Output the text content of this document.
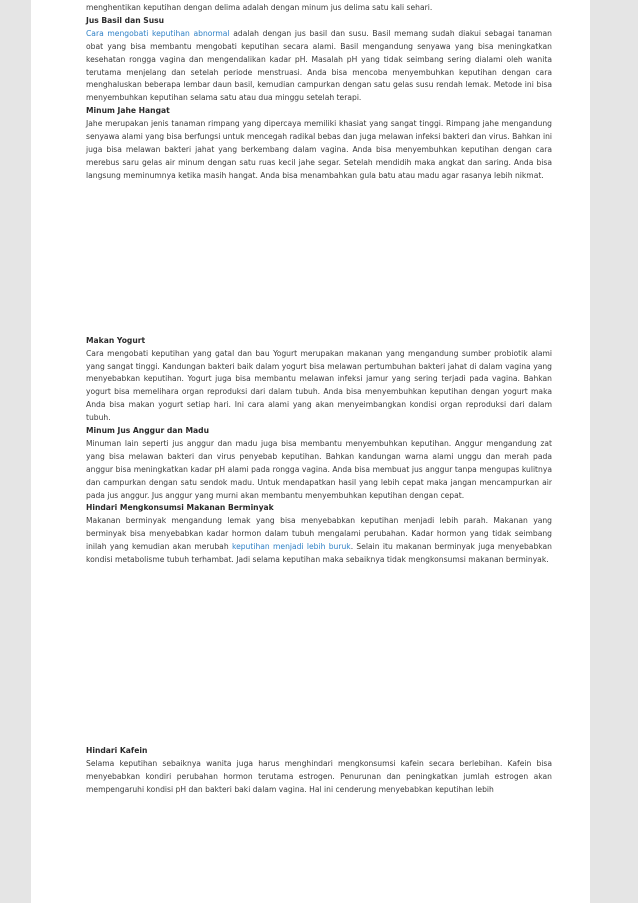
menghentikan keputihan dengan delima adalah dengan minum jus delima satu kali sehari.

Jus Basil dan Susu

Cara mengobati keputihan abnormal adalah dengan jus basil dan susu. Basil memang sudah diakui sebagai tanaman obat yang bisa membantu mengobati keputihan secara alami. Basil mengandung senyawa yang bisa meningkatkan kesehatan rongga vagina dan mengendalikan kadar pH. Masalah pH yang tidak seimbang sering dialami oleh wanita terutama menjelang dan setelah periode menstruasi. Anda bisa mencoba menyembuhkan keputihan dengan cara menghaluskan beberapa lembar daun basil, kemudian campurkan dengan satu gelas susu rendah lemak. Metode ini bisa menyembuhkan keputihan selama satu atau dua minggu setelah terapi.

Minum Jahe Hangat

Jahe merupakan jenis tanaman rimpang yang dipercaya memiliki khasiat yang sangat tinggi. Rimpang jahe mengandung senyawa alami yang bisa berfungsi untuk mencegah radikal bebas dan juga melawan infeksi bakteri dan virus. Bahkan ini juga bisa melawan bakteri jahat yang berkembang dalam vagina. Anda bisa menyembuhkan keputihan dengan cara merebus saru gelas air minum dengan satu ruas kecil jahe segar. Setelah mendidih maka angkat dan saring. Anda bisa langsung meminumnya ketika masih hangat. Anda bisa menambahkan gula batu atau madu agar rasanya lebih nikmat.

Makan Yogurt

Cara mengobati keputihan yang gatal dan bau Yogurt merupakan makanan yang mengandung sumber probiotik alami yang sangat tinggi. Kandungan bakteri baik dalam yogurt bisa melawan pertumbuhan bakteri jahat di dalam vagina yang menyebabkan keputihan. Yogurt juga bisa membantu melawan infeksi jamur yang sering terjadi pada vagina. Bahkan yogurt bisa memelihara organ reproduksi dari dalam tubuh. Anda bisa menyembuhkan keputihan dengan yogurt maka Anda bisa makan yogurt setiap hari. Ini cara alami yang akan menyeimbangkan kondisi organ reproduksi dari dalam tubuh.

Minum Jus Anggur dan Madu

Minuman lain seperti jus anggur dan madu juga bisa membantu menyembuhkan keputihan. Anggur mengandung zat yang bisa melawan bakteri dan virus penyebab keputihan. Bahkan kandungan warna alami unggu dan merah pada anggur bisa meningkatkan kadar pH alami pada rongga vagina. Anda bisa membuat jus anggur tanpa mengupas kulitnya dan campurkan dengan satu sendok madu. Untuk mendapatkan hasil yang lebih cepat maka jangan mencampurkan air pada jus anggur. Jus anggur yang murni akan membantu menyembuhkan keputihan dengan cepat.

Hindari Mengkonsumsi Makanan Berminyak

Makanan berminyak mengandung lemak yang bisa menyebabkan keputihan menjadi lebih parah. Makanan yang berminyak bisa menyebabkan kadar hormon dalam tubuh mengalami perubahan. Kadar hormon yang tidak seimbang inilah yang kemudian akan merubah keputihan menjadi lebih buruk. Selain itu makanan berminyak juga menyebabkan kondisi metabolisme tubuh terhambat. Jadi selama keputihan maka sebaiknya tidak mengkonsumsi makanan berminyak.

Hindari Kafein

Selama keputihan sebaiknya wanita juga harus menghindari mengkonsumsi kafein secara berlebihan. Kafein bisa menyebabkan kondiri perubahan hormon terutama estrogen. Penurunan dan peningkatkan jumlah estrogen akan mempengaruhi kondisi pH dan bakteri baki dalam vagina. Hal ini cenderung menyebabkan keputihan lebih
